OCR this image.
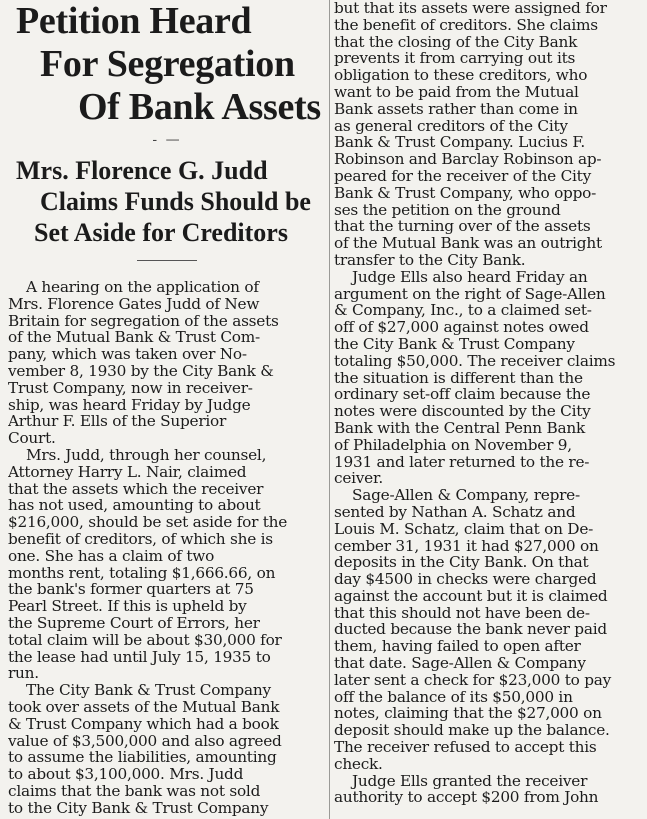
Petition Heard
For Segregation
Of Bank Assets
- —
Mrs. Florence G. Judd
Claims Funds Should be
Set Aside for Creditors
A hearing on the application of
Mrs. Florence Gates Judd of New
Britain for segregation of the assets
of the Mutual Bank & Trust Com-
pany, which was taken over No-
vember 8, 1930 by the City Bank &
Trust Company, now in receiver-
ship, was heard Friday by Judge
Arthur F. Ells of the Superior
Court.
Mrs. Judd, through her counsel,
Attorney Harry L. Nair, claimed
that the assets which the receiver
has not used, amounting to about
$216,000, should be set aside for the
benefit of creditors, of which she is
one. She has a claim of two
months rent, totaling $1,666.66, on
the bank's former quarters at 75
Pearl Street. If this is upheld by
the Supreme Court of Errors, her
total claim will be about $30,000 for
the lease had until July 15, 1935 to
run.
The City Bank & Trust Company
took over assets of the Mutual Bank
& Trust Company which had a book
value of $3,500,000 and also agreed
to assume the liabilities, amounting
to about $3,100,000. Mrs. Judd
claims that the bank was not sold
to the City Bank & Trust Company
but that its assets were assigned for
the benefit of creditors. She claims
that the closing of the City Bank
prevents it from carrying out its
obligation to these creditors, who
want to be paid from the Mutual
Bank assets rather than come in
as general creditors of the City
Bank & Trust Company. Lucius F.
Robinson and Barclay Robinson ap-
peared for the receiver of the City
Bank & Trust Company, who oppo-
ses the petition on the ground
that the turning over of the assets
of the Mutual Bank was an outright
transfer to the City Bank.
Judge Ells also heard Friday an
argument on the right of Sage-Allen
& Company, Inc., to a claimed set-
off of $27,000 against notes owed
the City Bank & Trust Company
totaling $50,000. The receiver claims
the situation is different than the
ordinary set-off claim because the
notes were discounted by the City
Bank with the Central Penn Bank
of Philadelphia on November 9,
1931 and later returned to the re-
ceiver.
Sage-Allen & Company, repre-
sented by Nathan A. Schatz and
Louis M. Schatz, claim that on De-
cember 31, 1931 it had $27,000 on
deposits in the City Bank. On that
day $4500 in checks were charged
against the account but it is claimed
that this should not have been de-
ducted because the bank never paid
them, having failed to open after
that date. Sage-Allen & Company
later sent a check for $23,000 to pay
off the balance of its $50,000 in
notes, claiming that the $27,000 on
deposit should make up the balance.
The receiver refused to accept this
check.
Judge Ells granted the receiver
authority to accept $200 from John
